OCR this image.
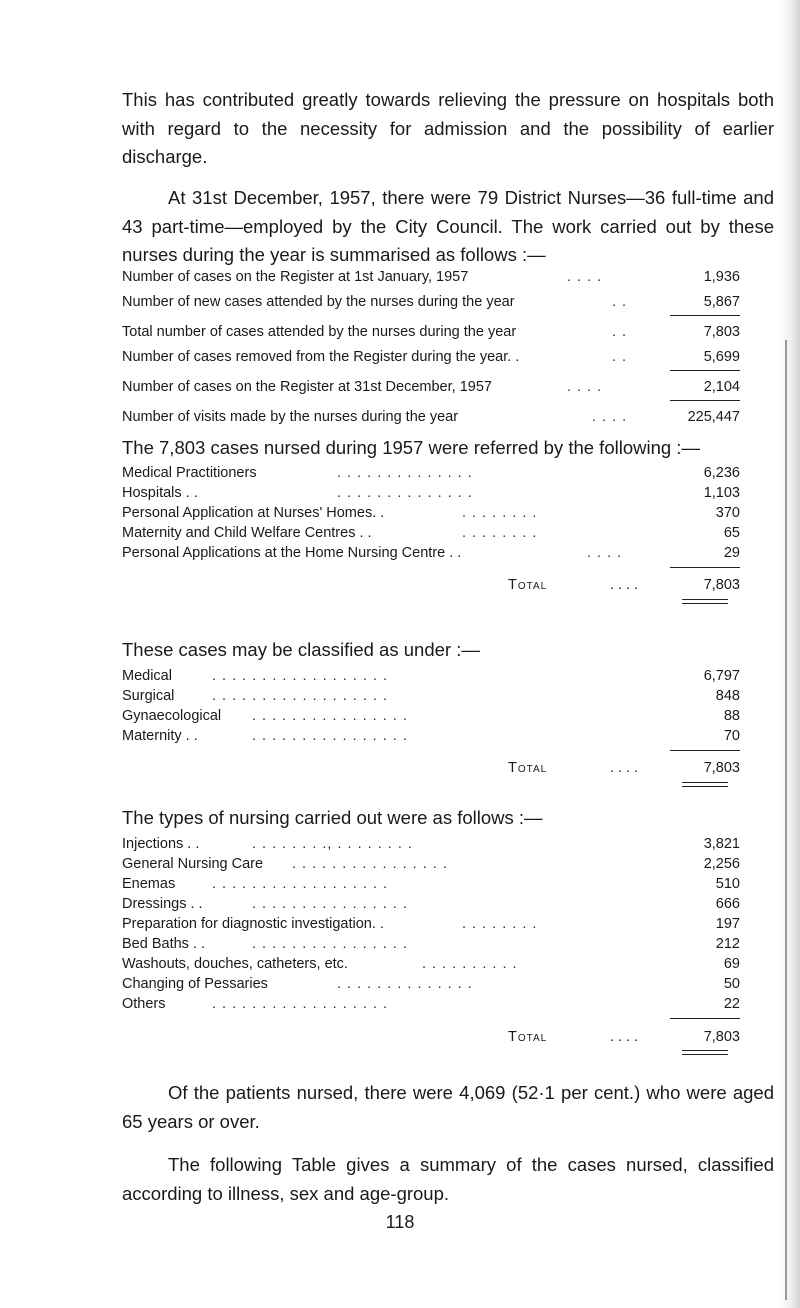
This has contributed greatly towards relieving the pressure on hospitals both with regard to the necessity for admission and the possibility of earlier discharge.

At 31st December, 1957, there were 79 District Nurses—36 full-time and 43 part-time—employed by the City Council. The work carried out by these nurses during the year is summarised as follows :—

Number of cases on the Register at 1st January, 1957	. . . .	1,936
Number of new cases attended by the nurses during the year	. .	5,867
Total number of cases attended by the nurses during the year	. .	7,803
Number of cases removed from the Register during the year. .	. .	5,699
Number of cases on the Register at 31st December, 1957	. . . .	2,104
Number of visits made by the nurses during the year	. . . .	225,447

The 7,803 cases nursed during 1957 were referred by the following :—

Medical Practitioners	. . . . . . . . . . . . . .	6,236
Hospitals . .	. . . . . . . . . . . . . .	1,103
Personal Application at Nurses' Homes. .	. . . . . . . .	370
Maternity and Child Welfare Centres . .	. . . . . . . .	65
Personal Applications at the Home Nursing Centre . .	. . . .	29
Total	. . . .	7,803

These cases may be classified as under :—

Medical	. . . . . . . . . . . . . . . . . .	6,797
Surgical	. . . . . . . . . . . . . . . . . .	848
Gynaecological . . . . . . . . . . . . . . . .	88
Maternity . .	. . . . . . . . . . . . . . . .	70
Total	. . . .	7,803

The types of nursing carried out were as follows :—

Injections . .	. . . . . . . ., . . . . . . . .	3,821
General Nursing Care . . . . . . . . . . . . . . . .	2,256
Enemas	. . . . . . . . . . . . . . . . . .	510
Dressings . .	. . . . . . . . . . . . . . . .	666
Preparation for diagnostic investigation. .	. . . . . . . .	197
Bed Baths . .	. . . . . . . . . . . . . . . .	212
Washouts, douches, catheters, etc.	. . . . . . . . . .	69
Changing of Pessaries	. . . . . . . . . . . . . .	50
Others	. . . . . . . . . . . . . . . . . .	22
Total	. . . .	7,803

Of the patients nursed, there were 4,069 (52·1 per cent.) who were aged 65 years or over.

The following Table gives a summary of the cases nursed, classified according to illness, sex and age-group.

118
